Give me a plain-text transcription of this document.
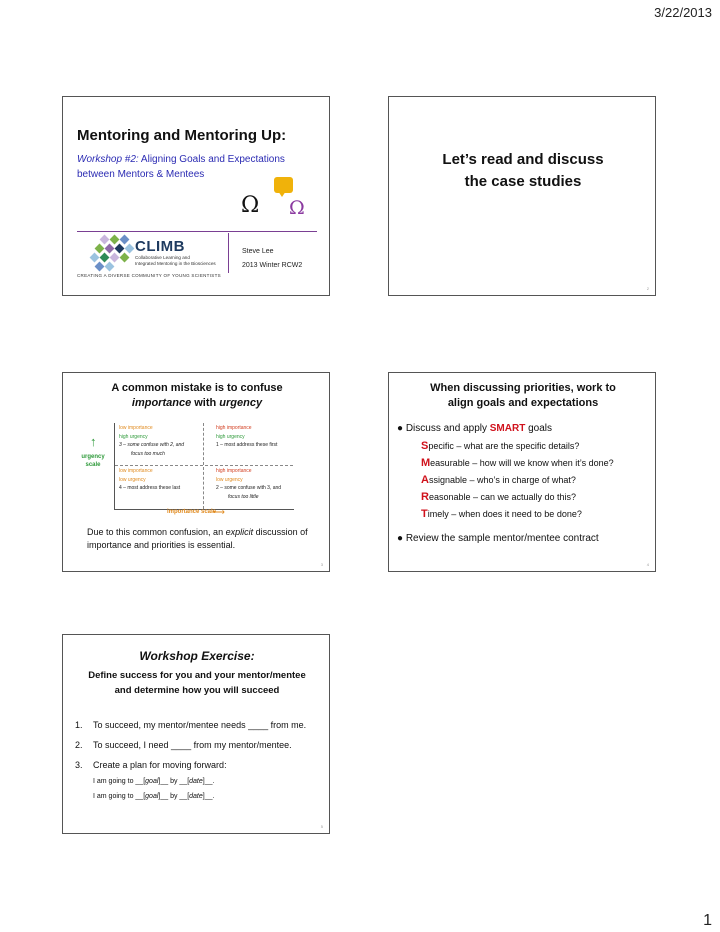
3/22/2013
Mentoring and Mentoring Up:
Workshop #2: Aligning Goals and Expectations
between Mentors & Mentees
Ω Ω
CLIMB
Collaborative Learning and
Integrated Mentoring in the Biosciences
CREATING A DIVERSE COMMUNITY OF YOUNG SCIENTISTS
Steve Lee
2013 Winter RCW2
Let’s read and discuss
the case studies
2
A common mistake is to confuse
importance with urgency
low importance
high urgency
3 – some confuse with 2, and
focus too much
high importance
high urgency
1 – most address these first
low importance
low urgency
4 – most address these last
high importance
low urgency
2 – some confuse with 3, and
focus too little
↑
urgency
scale
importance scale
⟶
Due to this common confusion, an explicit discussion of importance and priorities is essential.
3
When discussing priorities, work to
align goals and expectations
● Discuss and apply SMART goals
Specific – what are the specific details?
Measurable – how will we know when it’s done?
Assignable – who’s in charge of what?
Reasonable – can we actually do this?
Timely – when does it need to be done?
● Review the sample mentor/mentee contract
4
Workshop Exercise:
Define success for you and your mentor/mentee
and determine how you will succeed
1. To succeed, my mentor/mentee needs ____ from me.
2. To succeed, I need ____ from my mentor/mentee.
3. Create a plan for moving forward:
I am going to __[goal]__ by __[date]__.
I am going to __[goal]__ by __[date]__.
5
1
